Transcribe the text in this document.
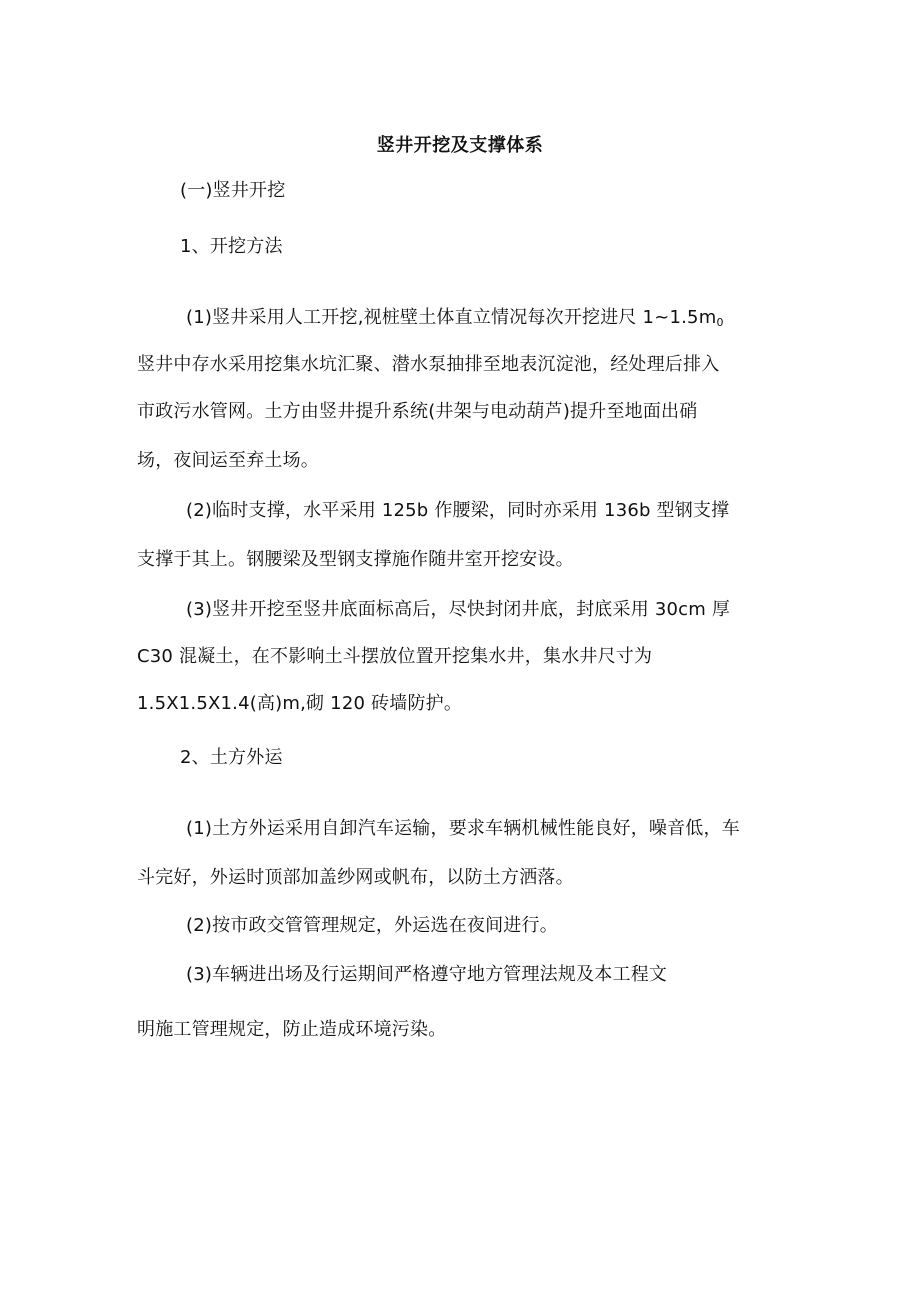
竖井开挖及支撑体系
(一)竖井开挖
1、开挖方法
(1)竖井采用人工开挖,视桩壁土体直立情况每次开挖进尺 1~1.5m0
竖井中存水采用挖集水坑汇聚、潜水泵抽排至地表沉淀池，经处理后排入
市政污水管网。土方由竖井提升系统(井架与电动葫芦)提升至地面出硝
场，夜间运至弃土场。
(2)临时支撑，水平采用 125b 作腰梁，同时亦采用 136b 型钢支撑
支撑于其上。钢腰梁及型钢支撑施作随井室开挖安设。
(3)竖井开挖至竖井底面标高后，尽快封闭井底，封底采用 30cm 厚
C30 混凝土，在不影响土斗摆放位置开挖集水井，集水井尺寸为
1.5X1.5X1.4(高)m,砌 120 砖墙防护。
2、土方外运
(1)土方外运采用自卸汽车运输，要求车辆机械性能良好，噪音低，车
斗完好，外运时顶部加盖纱网或帆布，以防土方洒落。
(2)按市政交管管理规定，外运选在夜间进行。
(3)车辆进出场及行运期间严格遵守地方管理法规及本工程文
明施工管理规定，防止造成环境污染。
